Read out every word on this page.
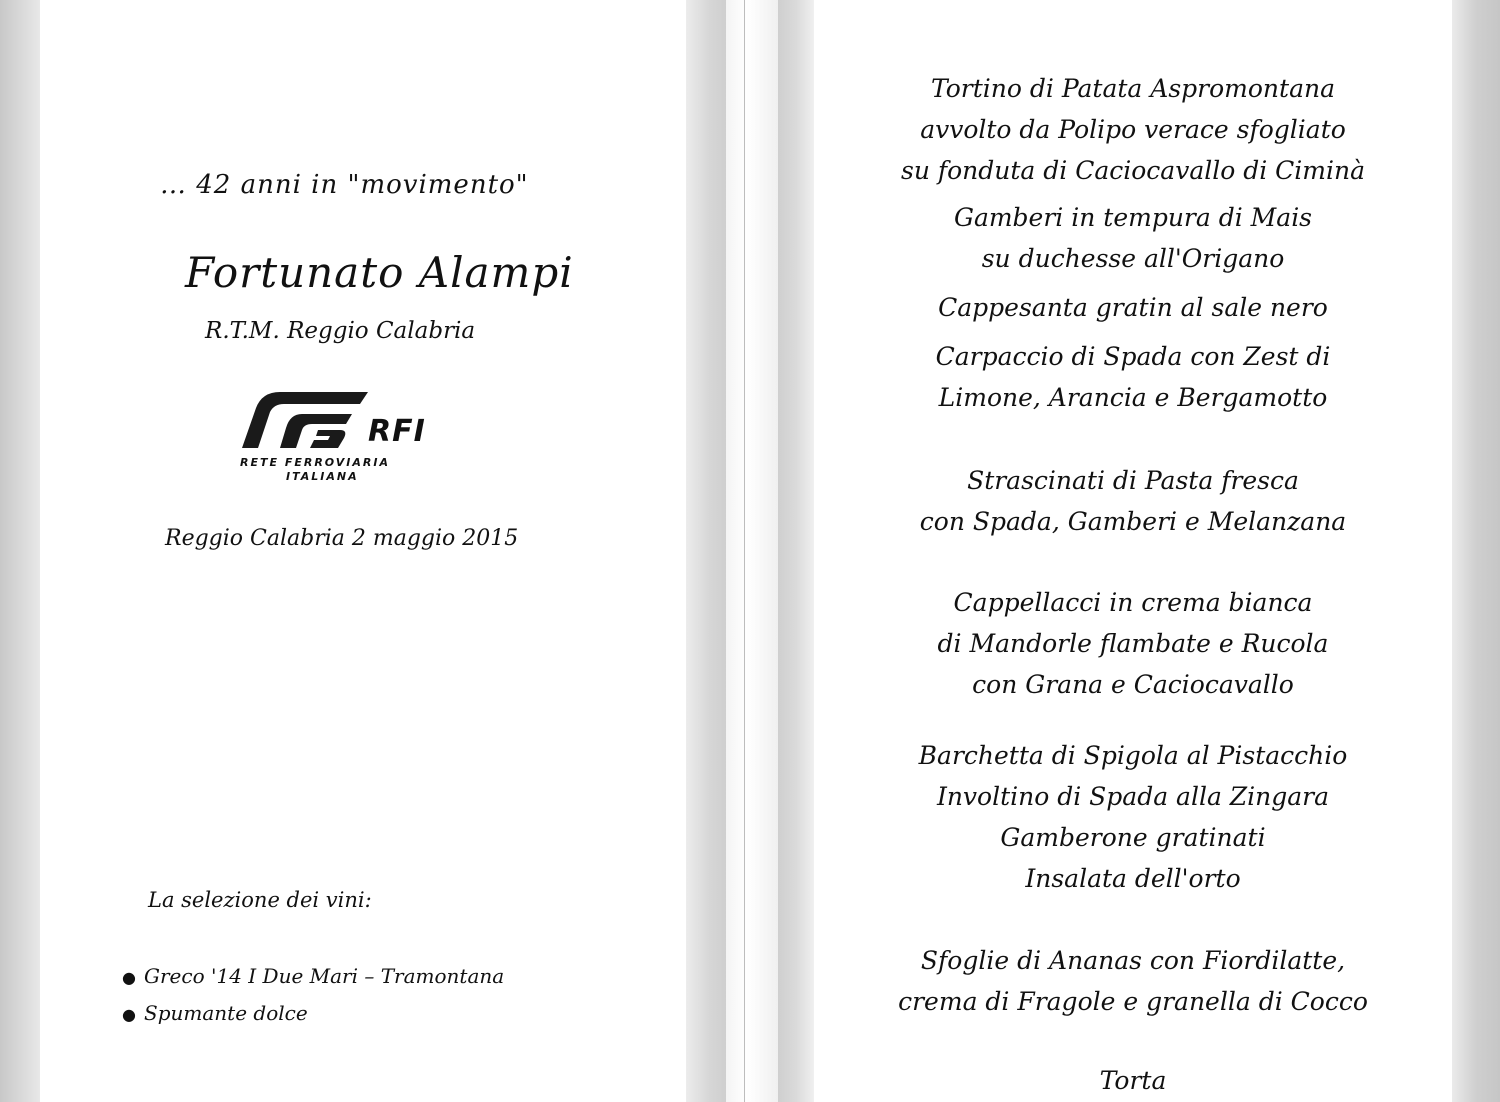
… 42 anni in "movimento"
Fortunato Alampi
R.T.M. Reggio Calabria
RFI
RETE FERROVIARIA
ITALIANA
Reggio Calabria 2 maggio 2015
La selezione dei vini:
● Greco '14 I Due Mari – Tramontana
● Spumante dolce
Tortino di Patata Aspromontana
avvolto da Polipo verace sfogliato
su fonduta di Caciocavallo di Ciminà
Gamberi in tempura di Mais
su duchesse all'Origano
Cappesanta gratin al sale nero
Carpaccio di Spada con Zest di
Limone, Arancia e Bergamotto
Strascinati di Pasta fresca
con Spada, Gamberi e Melanzana
Cappellacci in crema bianca
di Mandorle flambate e Rucola
con Grana e Caciocavallo
Barchetta di Spigola al Pistacchio
Involtino di Spada alla Zingara
Gamberone gratinati
Insalata dell'orto
Sfoglie di Ananas con Fiordilatte,
crema di Fragole e granella di Cocco
Torta
